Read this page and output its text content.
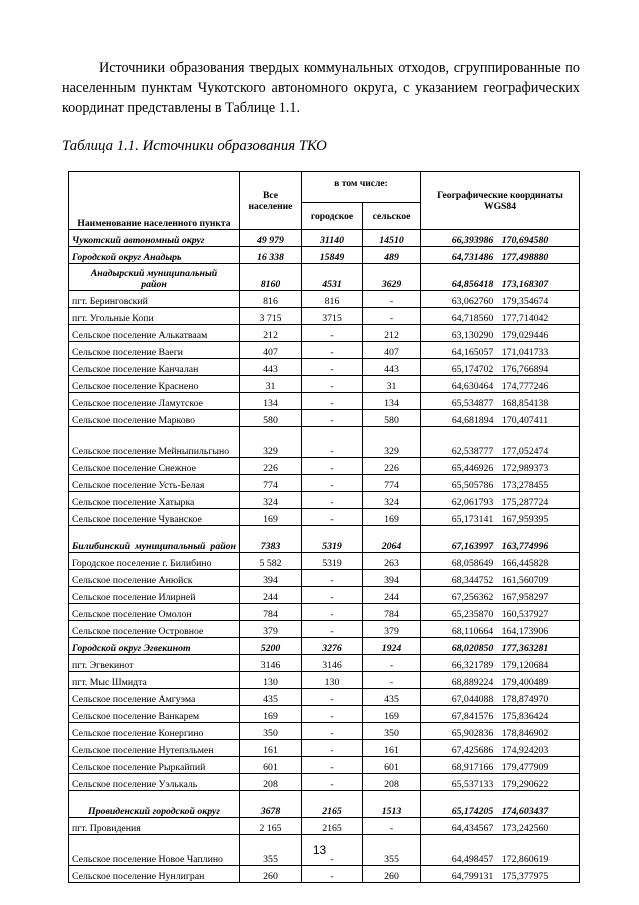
Источники образования твердых коммунальных отходов, сгруппированные по населенным пунктам Чукотского автономного округа, с указанием географических координат представлены в Таблице 1.1.

Таблица 1.1. Источники образования ТКО

Наименование населенного пункта	Все население	в том числе:		Географические координаты WGS84
		городское	сельское	
Чукотский автономный округ	49 979	31140	14510	66,393986 170,694580
Городской округ Анадырь	16 338	15849	489	64,731486 177,498880
Анадырский муниципальный район	8160	4531	3629	64,856418 173,168307
пгт. Беринговский	816	816	-	63,062760 179,354674
пгт. Угольные Копи	3 715	3715	-	64,718560 177,714042
Сельское поселение Алькатваам	212	-	212	63,130290 179,029446
Сельское поселение Ваеги	407	-	407	64,165057 171,041733
Сельское поселение Канчалан	443	-	443	65,174702 176,766894
Сельское поселение Краснено	31	-	31	64,630464 174,777246
Сельское поселение Ламутское	134	-	134	65,534877 168,854138
Сельское поселение Марково	580	-	580	64,681894 170,407411
Сельское поселение Мейныпильгыно	329	-	329	62,538777 177,052474
Сельское поселение Снежное	226	-	226	65,446926 172,989373
Сельское поселение Усть-Белая	774	-	774	65,505786 173,278455
Сельское поселение Хатырка	324	-	324	62,061793 175,287724
Сельское поселение Чуванское	169	-	169	65,173141 167,959395
Билибинский муниципальный район	7383	5319	2064	67,163997 163,774996
Городское поселение г. Билибино	5 582	5319	263	68,058649 166,445828
Сельское поселение Анюйск	394	-	394	68,344752 161,560709
Сельское поселение Илирней	244	-	244	67,256362 167,958297
Сельское поселение Омолон	784	-	784	65,235870 160,537927
Сельское поселение Островное	379	-	379	68,110664 164,173906
Городской округ Эгвекинот	5200	3276	1924	68,020850 177,363281
пгт. Эгвекинот	3146	3146	-	66,321789 179,120684
пгт. Мыс Шмидта	130	130	-	68,889224 179,400489
Сельское поселение Амгуэма	435	-	435	67,044088 178,874970
Сельское поселение Ванкарем	169	-	169	67,841576 175,836424
Сельское поселение Конергино	350	-	350	65,902836 178,846902
Сельское поселение Нутепэльмен	161	-	161	67,425686 174,924203
Сельское поселение Рыркайпий	601	-	601	68,917166 179,477909
Сельское поселение Уэлькаль	208	-	208	65,537133 179,290622
Провиденский городской округ	3678	2165	1513	65,174205 174,603437
пгт. Провидения	2 165	2165	-	64,434567 173,242560
Сельское поселение Новое Чаплино	355	-	355	64,498457 172,860619
Сельское поселение Нунлигран	260	-	260	64,799131 175,377975
13
